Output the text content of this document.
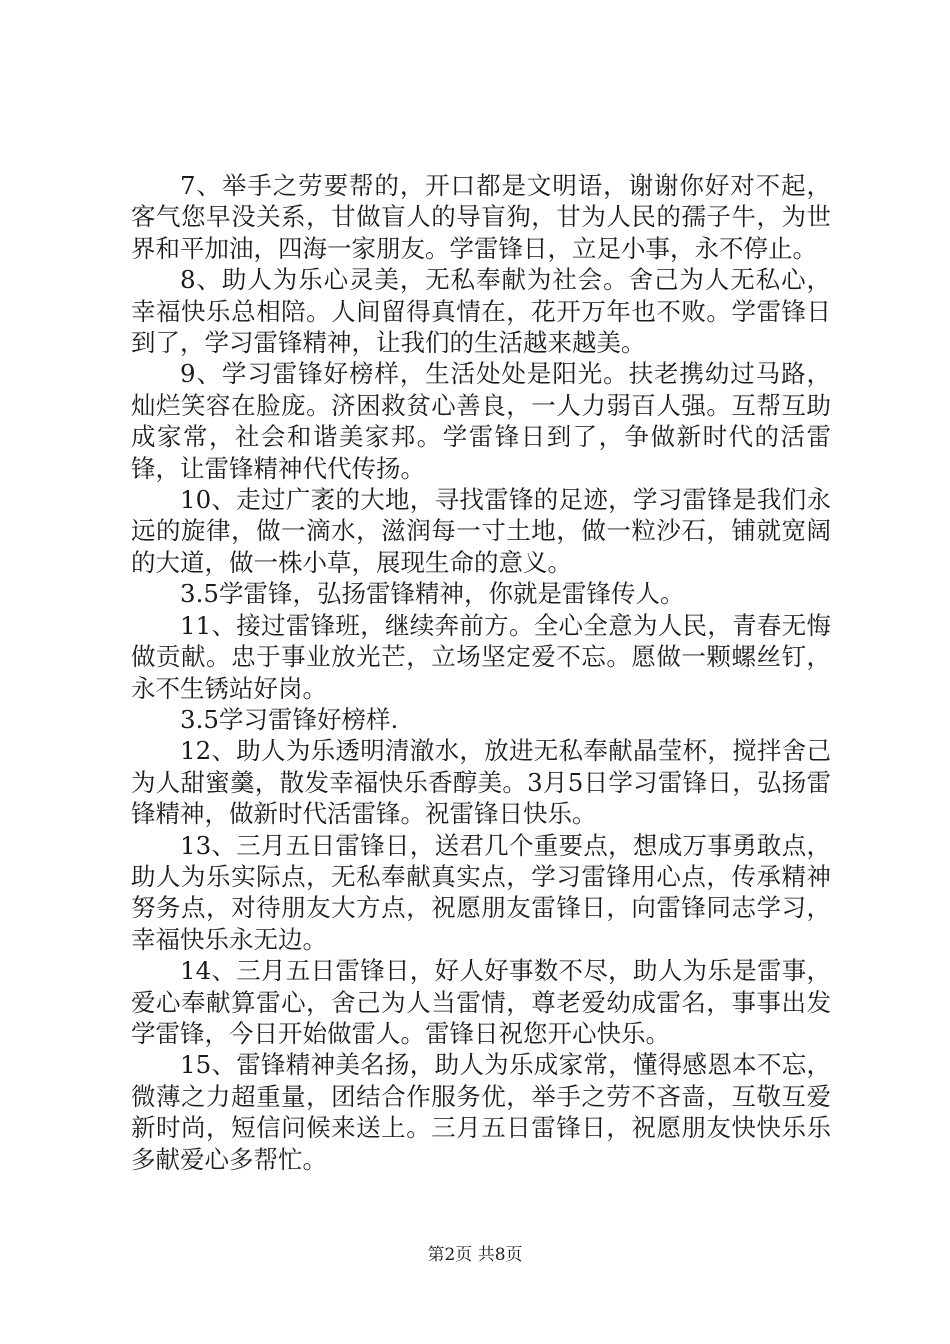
7、举手之劳要帮的，开口都是文明语，谢谢你好对不起，客气您早没关系，甘做盲人的导盲狗，甘为人民的孺子牛，为世界和平加油，四海一家朋友。学雷锋日，立足小事，永不停止。

8、助人为乐心灵美，无私奉献为社会。舍己为人无私心，幸福快乐总相陪。人间留得真情在，花开万年也不败。学雷锋日到了，学习雷锋精神，让我们的生活越来越美。

9、学习雷锋好榜样，生活处处是阳光。扶老携幼过马路，灿烂笑容在脸庞。济困救贫心善良，一人力弱百人强。互帮互助成家常，社会和谐美家邦。学雷锋日到了，争做新时代的活雷锋，让雷锋精神代代传扬。

10、走过广袤的大地，寻找雷锋的足迹，学习雷锋是我们永远的旋律，做一滴水，滋润每一寸土地，做一粒沙石，铺就宽阔的大道，做一株小草，展现生命的意义。

3.5学雷锋，弘扬雷锋精神，你就是雷锋传人。

11、接过雷锋班，继续奔前方。全心全意为人民，青春无悔做贡献。忠于事业放光芒，立场坚定爱不忘。愿做一颗螺丝钉，永不生锈站好岗。

3.5学习雷锋好榜样.

12、助人为乐透明清澈水，放进无私奉献晶莹杯，搅拌舍己为人甜蜜羹，散发幸福快乐香醇美。3月5日学习雷锋日，弘扬雷锋精神，做新时代活雷锋。祝雷锋日快乐。

13、三月五日雷锋日，送君几个重要点，想成万事勇敢点，助人为乐实际点，无私奉献真实点，学习雷锋用心点，传承精神努务点，对待朋友大方点，祝愿朋友雷锋日，向雷锋同志学习，幸福快乐永无边。

14、三月五日雷锋日，好人好事数不尽，助人为乐是雷事，爱心奉献算雷心，舍己为人当雷情，尊老爱幼成雷名，事事出发学雷锋，今日开始做雷人。雷锋日祝您开心快乐。

15、雷锋精神美名扬，助人为乐成家常，懂得感恩本不忘，微薄之力超重量，团结合作服务优，举手之劳不吝啬，互敬互爱新时尚，短信问候来送上。三月五日雷锋日，祝愿朋友快快乐乐多献爱心多帮忙。

第2页 共8页
